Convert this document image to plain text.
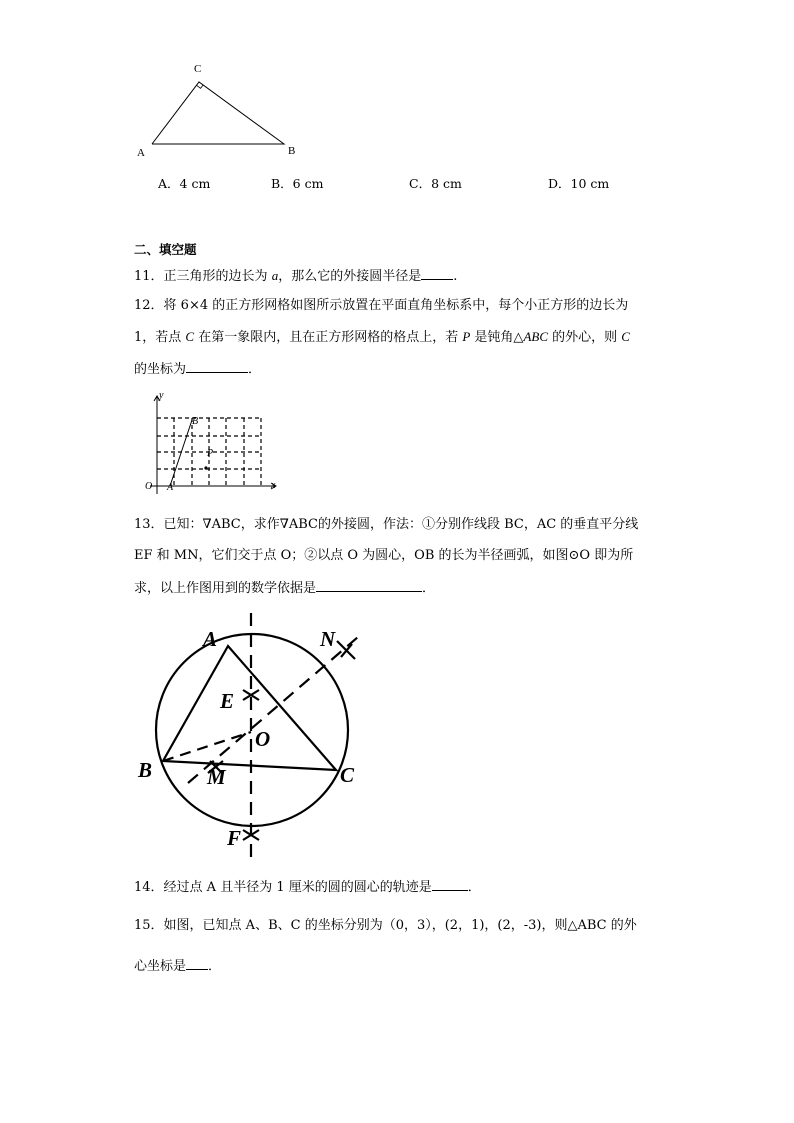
C
A	B
A．4 cm	B．6 cm	C．8 cm	D．10 cm
二、填空题
11．正三角形的边长为 a，那么它的外接圆半径是 .
12．将 6×4 的正方形网格如图所示放置在平面直角坐标系中，每个小正方形的边长为
1，若点 C 在第一象限内，且在正方形网格的格点上，若 P 是钝角△ABC 的外心，则 C
的坐标为	．
y
x
O A
B
P
13．已知：∇ABC，求作∇ABC的外接圆，作法：①分别作线段 BC，AC 的垂直平分线
EF 和 MN，它们交于点 O；②以点 O 为圆心，OB 的长为半径画弧，如图⊙O 即为所
求，以上作图用到的数学依据是	．
A	N
E
O
B	M	C
F
14．经过点 A 且半径为 1 厘米的圆的圆心的轨迹是	．
15．如图，已知点 A、B、C 的坐标分别为（0，3），(2，1)，(2，-3)，则△ABC 的外
心坐标是 ．
